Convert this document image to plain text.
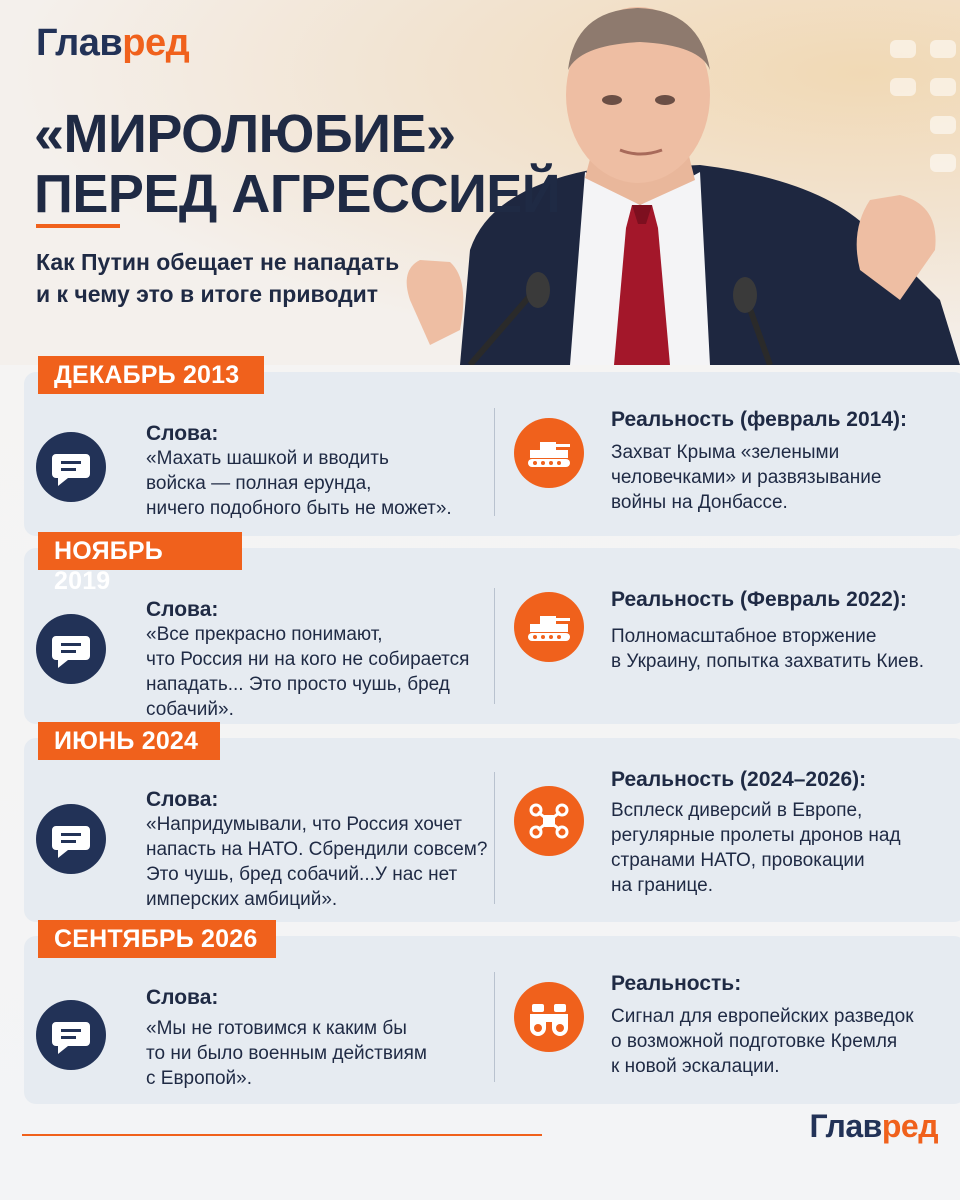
Главред
«МИРОЛЮБИЕ»
ПЕРЕД АГРЕССИЕЙ
Как Путин обещает не нападать
и к чему это в итоге приводит
ДЕКАБРЬ 2013
Слова:
«Махать шашкой и вводить
войска — полная ерунда,
ничего подобного быть не может».
Реальность (февраль 2014):
Захват Крыма «зелеными
человечками» и развязывание
войны на Донбассе.
НОЯБРЬ 2019
Слова:
«Все прекрасно понимают,
что Россия ни на кого не собирается
нападать... Это просто чушь, бред
собачий».
Реальность (Февраль 2022):
Полномасштабное вторжение
в Украину, попытка захватить Киев.
ИЮНЬ 2024
Слова:
«Напридумывали, что Россия хочет
напасть на НАТО. Сбрендили совсем?
Это чушь, бред собачий...У нас нет
имперских амбиций».
Реальность (2024–2026):
Всплеск диверсий в Европе,
регулярные пролеты дронов над
странами НАТО, провокации
на границе.
СЕНТЯБРЬ 2026
Слова:
«Мы не готовимся к каким бы
то ни было военным действиям
с Европой».
Реальность:
Сигнал для европейских разведок
о возможной подготовке Кремля
к новой эскалации.
Главред
